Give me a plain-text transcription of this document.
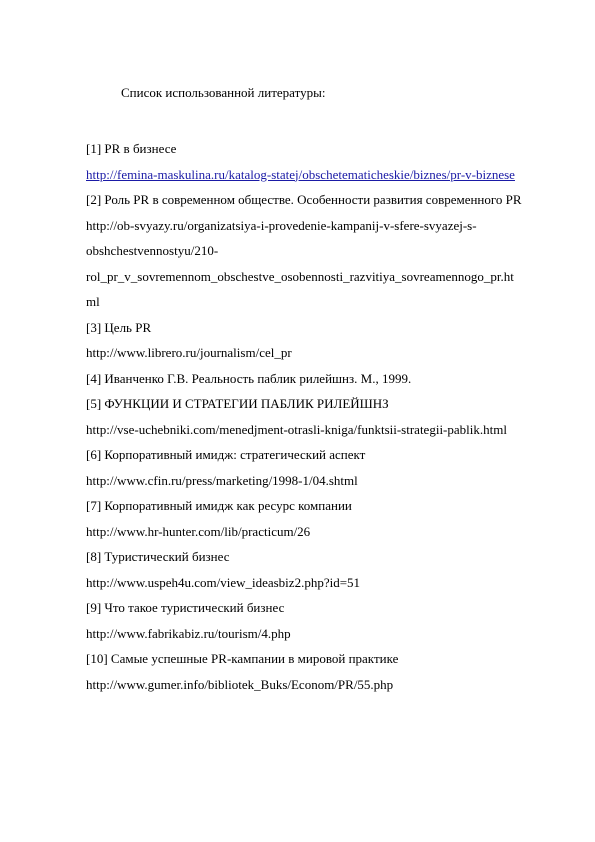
Список использованной литературы:
[1] PR в бизнесе
http://femina-maskulina.ru/katalog-statej/obschetematicheskie/biznes/pr-v-biznese
[2] Роль PR в современном обществе. Особенности развития современного PR
http://ob-svyazy.ru/organizatsiya-i-provedenie-kampanij-v-sfere-svyazej-s-
obshchestvennostyu/210-
rol_pr_v_sovremennom_obschestve_osobennosti_razvitiya_sovreamennogo_pr.ht
ml
[3] Цель PR
http://www.librero.ru/journalism/cel_pr
[4] Иванченко Г.В. Реальность паблик рилейшнз. М., 1999.
[5] ФУНКЦИИ И СТРАТЕГИИ ПАБЛИК РИЛЕЙШНЗ
http://vse-uchebniki.com/menedjment-otrasli-kniga/funktsii-strategii-pablik.html
[6] Корпоративный имидж: стратегический аспект
http://www.cfin.ru/press/marketing/1998-1/04.shtml
[7] Корпоративный имидж как ресурс компании
http://www.hr-hunter.com/lib/practicum/26
[8] Туристический бизнес
http://www.uspeh4u.com/view_ideasbiz2.php?id=51
[9] Что такое туристический бизнес
http://www.fabrikabiz.ru/tourism/4.php
[10] Самые успешные PR-кампании в мировой практике
http://www.gumer.info/bibliotek_Buks/Econom/PR/55.php
